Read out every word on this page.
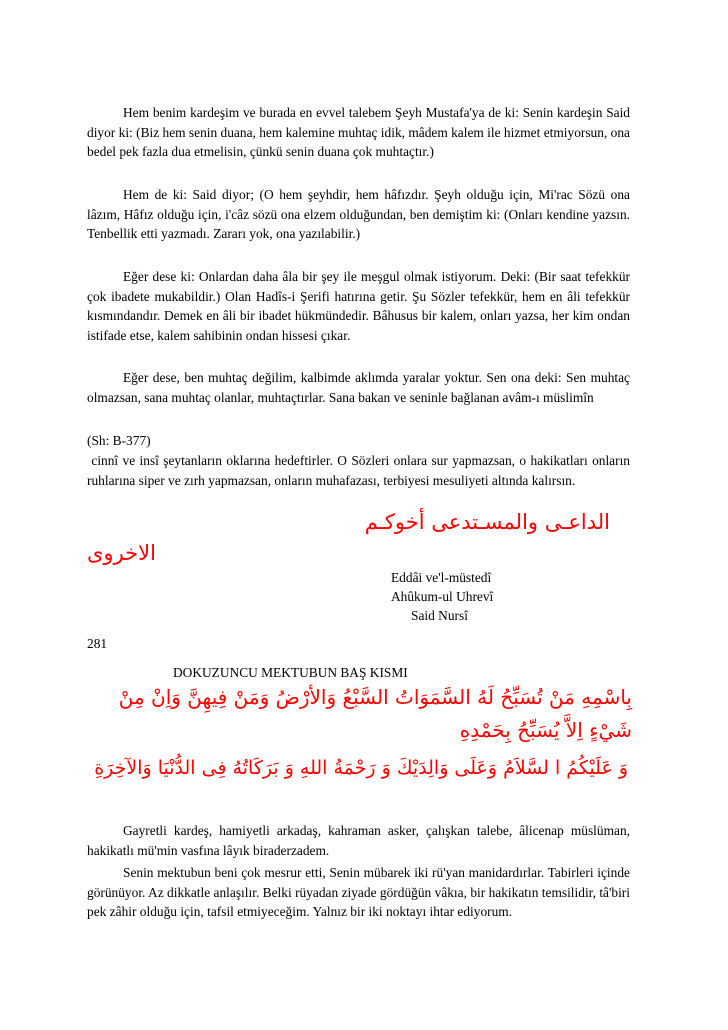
Hem benim kardeşim ve burada en evvel talebem Şeyh Mustafa'ya de ki: Senin kardeşin Said diyor ki: (Biz hem senin duana, hem kalemine muhtaç idik, mâdem kalem ile hizmet etmiyorsun, ona bedel pek fazla dua etmelisin, çünkü senin duana çok muhtaçtır.)

Hem de ki: Said diyor; (O hem şeyhdir, hem hâfızdır. Şeyh olduğu için, Mi'rac Sözü ona lâzım, Hâfız olduğu için, i'câz sözü ona elzem olduğundan, ben demiştim ki: (Onları kendine yazsın. Tenbellik etti yazmadı. Zararı yok, ona yazılabilir.)

Eğer dese ki: Onlardan daha âla bir şey ile meşgul olmak istiyorum. Deki: (Bir saat tefekkür çok ibadete mukabildir.) Olan Hadîs-i Şerifi hatırına getir. Şu Sözler tefekkür, hem en âli tefekkür kısmındandır. Demek en âli bir ibadet hükmündedir. Bâhusus bir kalem, onları yazsa, her kim ondan istifade etse, kalem sahibinin ondan hissesi çıkar.

Eğer dese, ben muhtaç değilim, kalbimde aklımda yaralar yoktur. Sen ona deki: Sen muhtaç olmazsan, sana muhtaç olanlar, muhtaçtırlar. Sana bakan ve seninle bağlanan avâm-ı müslimîn

(Sh: B-377)

cinnî ve insî şeytanların oklarına hedeftirler. O Sözleri onlara sur yapmazsan, o hakikatları onların ruhlarına siper ve zırh yapmazsan, onların muhafazası, terbiyesi mesuliyeti altında kalırsın.

الداعـى والمسـتدعى أخوكـم

الاخروى

Eddâi ve'l-müstedî

Ahûkum-ul Uhrevî

Said Nursî

281

DOKUZUNCU MEKTUBUN BAŞ KISMI

بِاسْمِهِ مَنْ تُسَبِّحُ لَهُ السَّمَوَاتُ السَّبْعُ وَالأرْضُ وَمَنْ فِيهِنَّ وَاِنْ مِنْ

شَيْءٍ اِلاَّ يُسَبِّحُ بِحَمْدِهِ

وَ عَلَيْكُمُ ا لسَّلاَمُ وَعَلَى وَالِدَيْكَ وَ رَحْمَةُ اللهِ وَ بَرَكَاتُهُ فِى الدُّنْيَا وَالآخِرَةِ

Gayretli kardeş, hamiyetli arkadaş, kahraman asker, çalışkan talebe, âlicenap müslüman, hakikatlı mü'min vasfına lâyık biraderzadem.

Senin mektubun beni çok mesrur etti, Senin mübarek iki rü'yan manidardırlar. Tabirleri içinde görünüyor. Az dikkatle anlaşılır. Belki rüyadan ziyade gördüğün vâkıa, bir hakikatın temsilidir, tâ'biri pek zâhir olduğu için, tafsil etmiyeceğim. Yalnız bir iki noktayı ihtar ediyorum.
